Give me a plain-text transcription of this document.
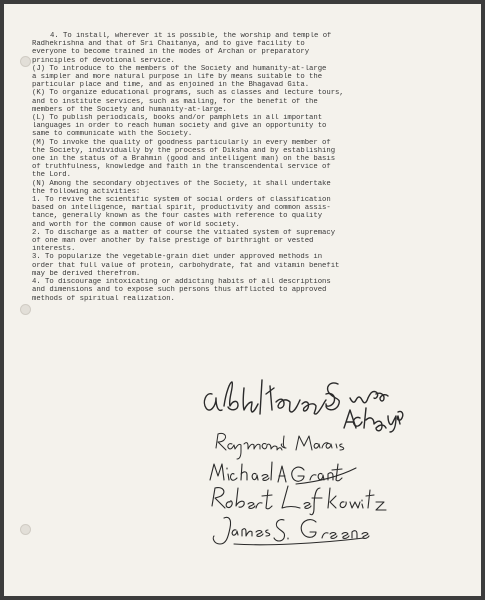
4. To install, wherever it is possible, the worship and temple of
Radhekrishna and that of Sri Chaitanya, and to give facility to
everyone to become trained in the modes of Archan or preparatory
principles of devotional service.
(J) To introduce to the members of the Society and humanity-at-large
a simpler and more natural purpose in life by means suitable to the
particular place and time, and as enjoined in the Bhagavad Gita.
(K) To organize educational programs, such as classes and lecture tours,
and to institute services, such as mailing, for the benefit of the
members of the Society and humanity-at-large.
(L) To publish periodicals, books and/or pamphlets in all important
languages in order to reach human society and give an opportunity to
same to communicate with the Society.
(M) To invoke the quality of goodness particularly in every member of
the Society, individually by the process of Diksha and by establishing
one in the status of a Brahmin (good and intelligent man) on the basis
of truthfulness, knowledge and faith in the transcendental service of
the Lord.
(N) Among the secondary objectives of the Society, it shall undertake
the following activities:
1. To revive the scientific system of social orders of classification
based on intelligence, martial spirit, productivity and common assis-
tance, generally known as the four castes with reference to quality
and worth for the common cause of world society.
2. To discharge as a matter of course the vitiated system of supremacy
of one man over another by false prestige of birthright or vested
interests.
3. To popularize the vegetable-grain diet under approved methods in
order that full value of protein, carbohydrate, fat and vitamin benefit
may be derived therefrom.
4. To discourage intoxicating or addicting habits of all descriptions
and dimensions and to expose such persons thus afflicted to approved
methods of spiritual realization.
